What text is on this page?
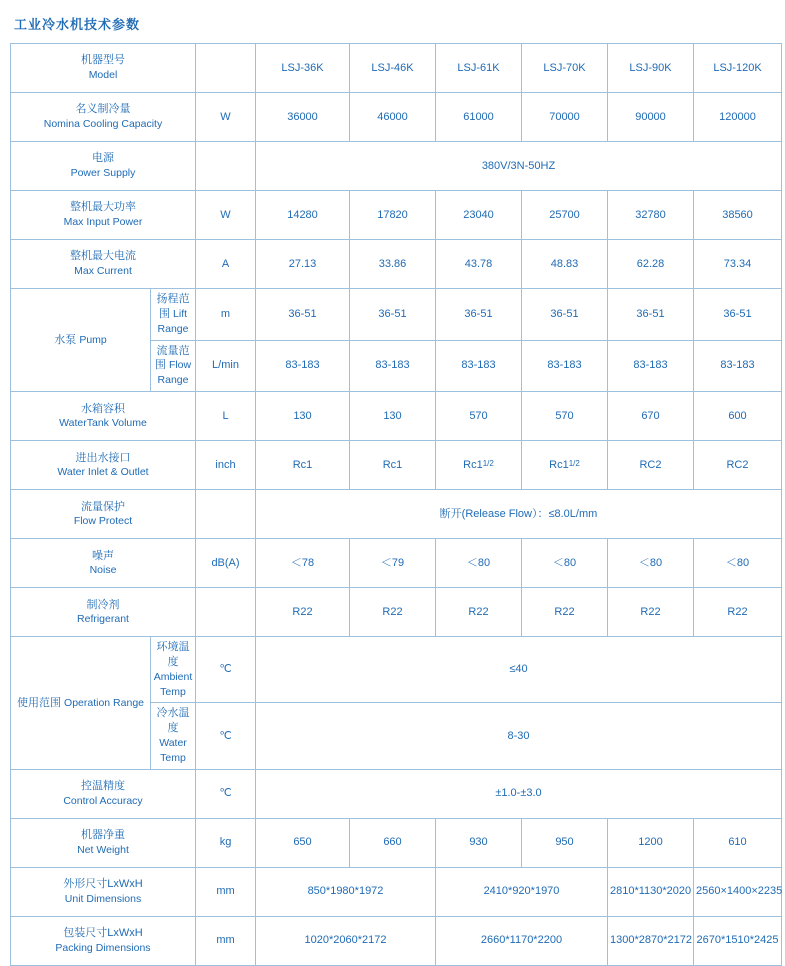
工业冷水机技术参数
机器型号
Model			LSJ-36K	LSJ-46K	LSJ-61K	LSJ-70K	LSJ-90K	LSJ-120K

名义制冷量
Nomina Cooling Capacity		W	36000	46000	61000	70000	90000	120000

电源
Power Supply			380V/3N-50HZ					

整机最大功率
Max Input Power		W	14280	17820	23040	25700	32780	38560

整机最大电流
Max Current		A	27.13	33.86	43.78	48.83	62.28	73.34
水泵 Pump	扬程范围 Lift Range	m	36-51	36-51	36-51	36-51	36-51	36-51
	流量范围 Flow Range	L/min	83-183	83-183	83-183	83-183	83-183	83-183

水箱容积
WaterTank Volume		L	130	130	570	570	670	600

进出水接口
Water Inlet & Outlet		inch	Rc1	Rc1	$Rc1^{1/2}$	$Rc1^{1/2}$	RC2	RC2

流量保护
Flow Protect			断开(Release Flow）：≤8.0L/mm					

噪声
Noise		dB(A)	＜78	＜79	＜80	＜80	＜80	＜80

制冷剂
Refrigerant			R22	R22	R22	R22	R22	R22
使用范围 Operation Range	环境温度 Ambient Temp	℃	≤40					
	冷水温度 Water Temp	℃	8-30					

控温精度
Control Accuracy		℃	±1.0-±3.0					

机器净重
Net Weight		kg	650	660	930	950	1200	610

外形尺寸LxWxH
Unit Dimensions		mm	850*1980*1972		2410*920*1970		2810*1130*2020	2560×1400×2235

包装尺寸LxWxH
Packing Dimensions		mm	1020*2060*2172		2660*1170*2200		1300*2870*2172	2670*1510*2425
